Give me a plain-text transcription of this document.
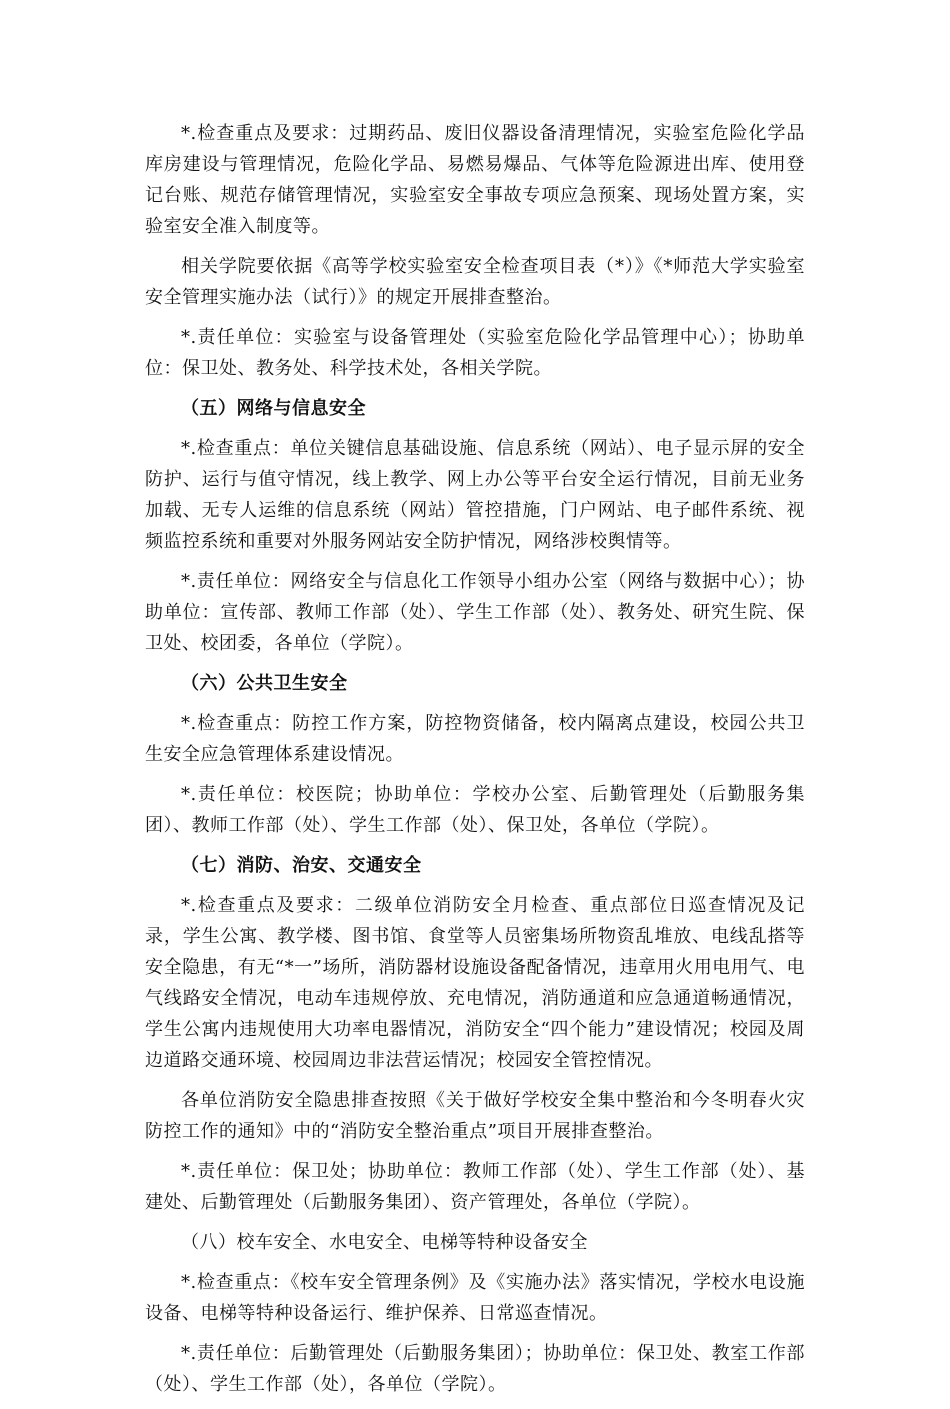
*.检查重点及要求：过期药品、废旧仪器设备清理情况，实验室危险化学品库房建设与管理情况，危险化学品、易燃易爆品、气体等危险源进出库、使用登记台账、规范存储管理情况，实验室安全事故专项应急预案、现场处置方案，实验室安全准入制度等。

相关学院要依据《高等学校实验室安全检查项目表（*）》《*师范大学实验室安全管理实施办法（试行）》的规定开展排查整治。

*.责任单位：实验室与设备管理处（实验室危险化学品管理中心）；协助单位：保卫处、教务处、科学技术处，各相关学院。

（五）网络与信息安全

*.检查重点：单位关键信息基础设施、信息系统（网站）、电子显示屏的安全防护、运行与值守情况，线上教学、网上办公等平台安全运行情况，目前无业务加载、无专人运维的信息系统（网站）管控措施，门户网站、电子邮件系统、视频监控系统和重要对外服务网站安全防护情况，网络涉校舆情等。

*.责任单位：网络安全与信息化工作领导小组办公室（网络与数据中心）；协助单位：宣传部、教师工作部（处）、学生工作部（处）、教务处、研究生院、保卫处、校团委，各单位（学院）。

（六）公共卫生安全

*.检查重点：防控工作方案，防控物资储备，校内隔离点建设，校园公共卫生安全应急管理体系建设情况。

*.责任单位：校医院；协助单位：学校办公室、后勤管理处（后勤服务集团）、教师工作部（处）、学生工作部（处）、保卫处，各单位（学院）。

（七）消防、治安、交通安全

*.检查重点及要求：二级单位消防安全月检查、重点部位日巡查情况及记录，学生公寓、教学楼、图书馆、食堂等人员密集场所物资乱堆放、电线乱搭等安全隐患，有无“*一”场所，消防器材设施设备配备情况，违章用火用电用气、电气线路安全情况，电动车违规停放、充电情况，消防通道和应急通道畅通情况，学生公寓内违规使用大功率电器情况，消防安全“四个能力”建设情况；校园及周边道路交通环境、校园周边非法营运情况；校园安全管控情况。

各单位消防安全隐患排查按照《关于做好学校安全集中整治和今冬明春火灾防控工作的通知》中的“消防安全整治重点”项目开展排查整治。

*.责任单位：保卫处；协助单位：教师工作部（处）、学生工作部（处）、基建处、后勤管理处（后勤服务集团）、资产管理处，各单位（学院）。

（八）校车安全、水电安全、电梯等特种设备安全

*.检查重点：《校车安全管理条例》及《实施办法》落实情况，学校水电设施设备、电梯等特种设备运行、维护保养、日常巡查情况。

*.责任单位：后勤管理处（后勤服务集团）；协助单位：保卫处、教室工作部（处）、学生工作部（处），各单位（学院）。
